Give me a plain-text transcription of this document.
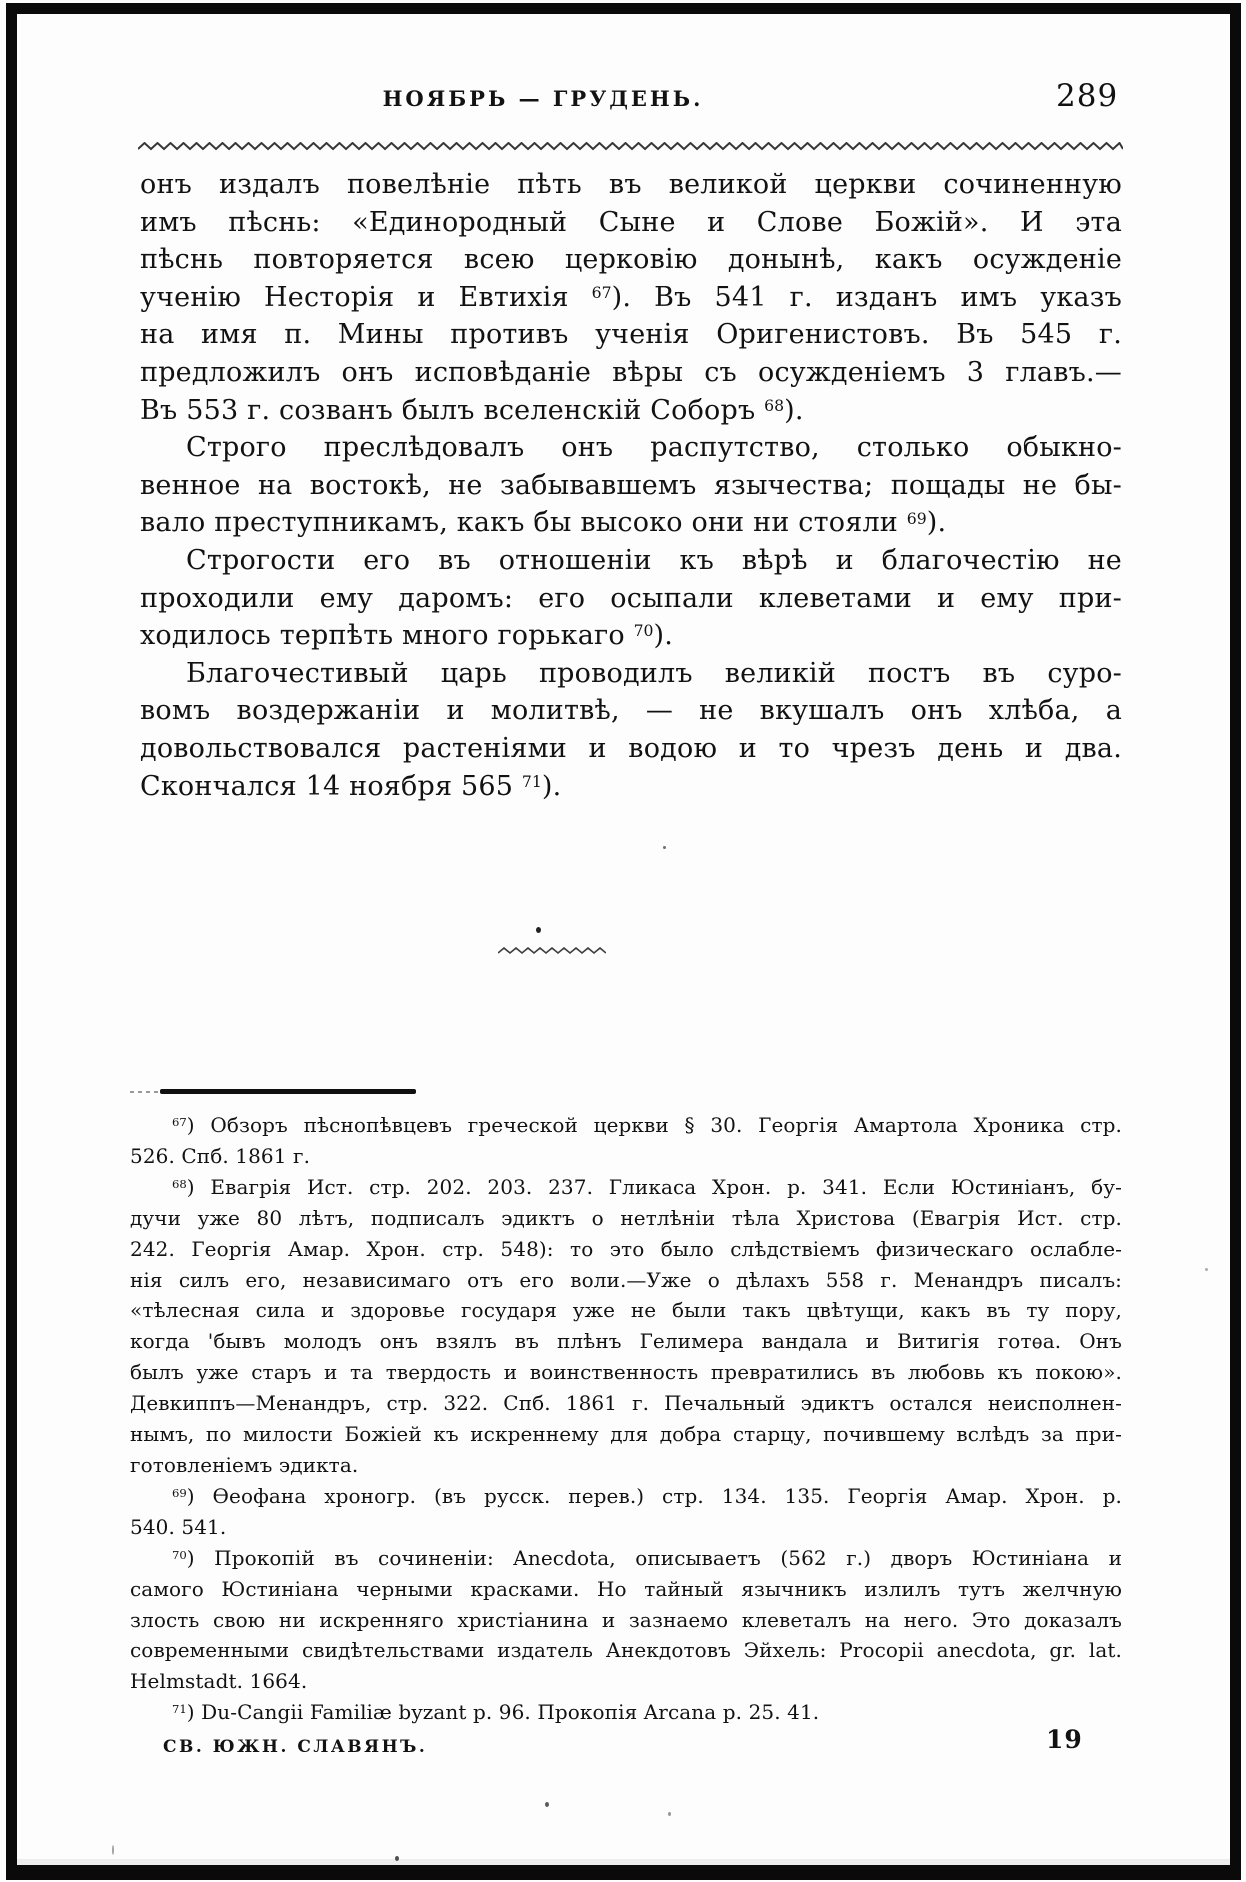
НОЯБРЬ — ГРУДЕНЬ.	289
онъ издалъ повелѣніе пѣть въ великой церкви сочиненную
имъ пѣснь: «Единородный Сыне и Слове Божій». И эта
пѣснь повторяется всею церковію донынѣ, какъ осужденіе
ученію Несторія и Евтихія $^{67}$). Въ 541 г. изданъ имъ указъ
на имя п. Мины противъ ученія Оригенистовъ. Въ 545 г.
предложилъ онъ исповѣданіе вѣры съ осужденіемъ 3 главъ.—
Въ 553 г. созванъ былъ вселенскій Соборъ $^{68}$).
Строго преслѣдовалъ онъ распутство, столько обыкно-
венное на востокѣ, не забывавшемъ язычества; пощады не бы-
вало преступникамъ, какъ бы высоко они ни стояли $^{69}$).
Строгости его въ отношеніи къ вѣрѣ и благочестію не
проходили ему даромъ: его осыпали клеветами и ему при-
ходилось терпѣть много горькаго $^{70}$).
Благочестивый царь проводилъ великій постъ въ суро-
вомъ воздержаніи и молитвѣ, — не вкушалъ онъ хлѣба, а
довольствовался растеніями и водою и то чрезъ день и два.
Скончался 14 ноября 565 $^{71}$).
$^{67}$) Обзоръ пѣснопѣвцевъ греческой церкви § 30. Георгія Амартола Хроника стр.
526. Спб. 1861 г.
$^{68}$) Евагрія Ист. стр. 202. 203. 237. Гликаса Хрон. р. 341. Если Юстиніанъ, бу-
дучи уже 80 лѣтъ, подписалъ эдиктъ о нетлѣніи тѣла Христова (Евагрія Ист. стр.
242. Георгія Амар. Хрон. стр. 548): то это было слѣдствіемъ физическаго ослабле-
нія силъ его, независимаго отъ его воли.—Уже о дѣлахъ 558 г. Менандръ писалъ:
«тѣлесная сила и здоровье государя уже не были такъ цвѣтущи, какъ въ ту пору,
когда 'бывъ молодъ онъ взялъ въ плѣнъ Гелимера вандала и Витигія готѳа. Онъ
былъ уже старъ и та твердость и воинственность превратились въ любовь къ покою».
Девкиппъ—Менандръ, стр. 322. Спб. 1861 г. Печальный эдиктъ остался неисполнен-
нымъ, по милости Божіей къ искреннему для добра старцу, почившему вслѣдъ за при-
готовленіемъ эдикта.
$^{69}$) Ѳеофана хроногр. (въ русск. перев.) стр. 134. 135. Георгія Амар. Хрон. р.
540. 541.
$^{70}$) Прокопій въ сочиненіи: Anecdota, описываетъ (562 г.) дворъ Юстиніана и
самого Юстиніана черными красками. Но тайный язычникъ излилъ тутъ желчную
злость свою ни искренняго христіанина и зазнаемо клеветалъ на него. Это доказалъ
современными свидѣтельствами издатель Анекдотовъ Эйхель: Procopii anecdota, gr. lat.
Helmstadt. 1664.
$^{71}$) Du-Cangii Familiæ byzant p. 96. Прокопія Arcana p. 25. 41.
СВ. ЮЖН. СЛАВЯНЪ.	19
